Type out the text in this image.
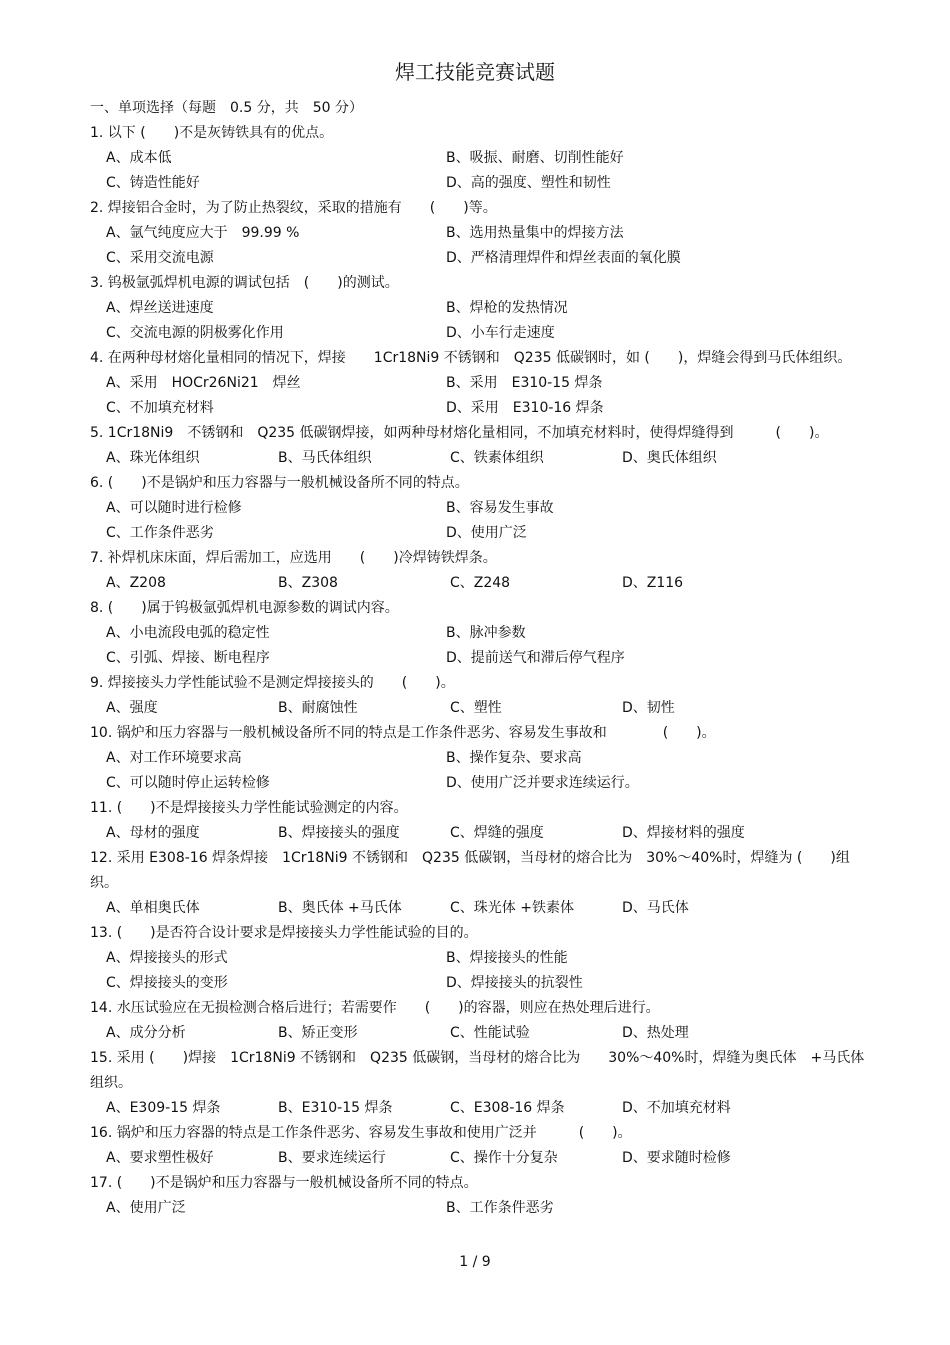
焊工技能竞赛试题
一、单项选择（每题　0.5 分，共　50 分）
1. 以下 (　　)不是灰铸铁具有的优点。
A、成本低	B、吸振、耐磨、切削性能好
C、铸造性能好	D、高的强度、塑性和韧性
2. 焊接铝合金时，为了防止热裂纹，采取的措施有　　(　　)等。
A、氩气纯度应大于　99.99 %	B、选用热量集中的焊接方法
C、采用交流电源	D、严格清理焊件和焊丝表面的氧化膜
3. 钨极氩弧焊机电源的调试包括　(　　)的测试。
A、焊丝送进速度	B、焊枪的发热情况
C、交流电源的阴极雾化作用	D、小车行走速度
4. 在两种母材熔化量相同的情况下，焊接　　1Cr18Ni9 不锈钢和　Q235 低碳钢时，如 (　　)，焊缝会得到马氏体组织。
A、采用　HOCr26Ni21　焊丝	B、采用　E310-15 焊条
C、不加填充材料	D、采用　E310-16 焊条
5. 1Cr18Ni9　不锈钢和　Q235 低碳钢焊接，如两种母材熔化量相同，不加填充材料时，使得焊缝得到　　　(　　)。
A、珠光体组织	B、马氏体组织	C、铁素体组织	D、奥氏体组织
6. (　　)不是锅炉和压力容器与一般机械设备所不同的特点。
A、可以随时进行检修	B、容易发生事故
C、工作条件恶劣	D、使用广泛
7. 补焊机床床面，焊后需加工，应选用　　(　　)冷焊铸铁焊条。
A、Z208	B、Z308	C、Z248	D、Z116
8. (　　)属于钨极氩弧焊机电源参数的调试内容。
A、小电流段电弧的稳定性	B、脉冲参数
C、引弧、焊接、断电程序	D、提前送气和滞后停气程序
9. 焊接接头力学性能试验不是测定焊接接头的　　(　　)。
A、强度	B、耐腐蚀性	C、塑性	D、韧性
10. 锅炉和压力容器与一般机械设备所不同的特点是工作条件恶劣、容易发生事故和　　　　(　　)。
A、对工作环境要求高	B、操作复杂、要求高
C、可以随时停止运转检修	D、使用广泛并要求连续运行。
11. (　　)不是焊接接头力学性能试验测定的内容。
A、母材的强度	B、焊接接头的强度	C、焊缝的强度	D、焊接材料的强度
12. 采用 E308-16 焊条焊接　1Cr18Ni9 不锈钢和　Q235 低碳钢，当母材的熔合比为　30%～40%时，焊缝为 (　　)组织。
A、单相奥氏体	B、奥氏体 +马氏体	C、珠光体 +铁素体	D、马氏体
13. (　　)是否符合设计要求是焊接接头力学性能试验的目的。
A、焊接接头的形式	B、焊接接头的性能
C、焊接接头的变形	D、焊接接头的抗裂性
14. 水压试验应在无损检测合格后进行；若需要作　　(　　)的容器，则应在热处理后进行。
A、成分分析	B、矫正变形	C、性能试验	D、热处理
15. 采用 (　　)焊接　1Cr18Ni9 不锈钢和　Q235 低碳钢，当母材的熔合比为　　30%～40%时，焊缝为奥氏体　+马氏体组织。
A、E309-15 焊条	B、E310-15 焊条	C、E308-16 焊条	D、不加填充材料
16. 锅炉和压力容器的特点是工作条件恶劣、容易发生事故和使用广泛并　　　(　　)。
A、要求塑性极好	B、要求连续运行	C、操作十分复杂	D、要求随时检修
17. (　　)不是锅炉和压力容器与一般机械设备所不同的特点。
A、使用广泛	B、工作条件恶劣
1 / 9
